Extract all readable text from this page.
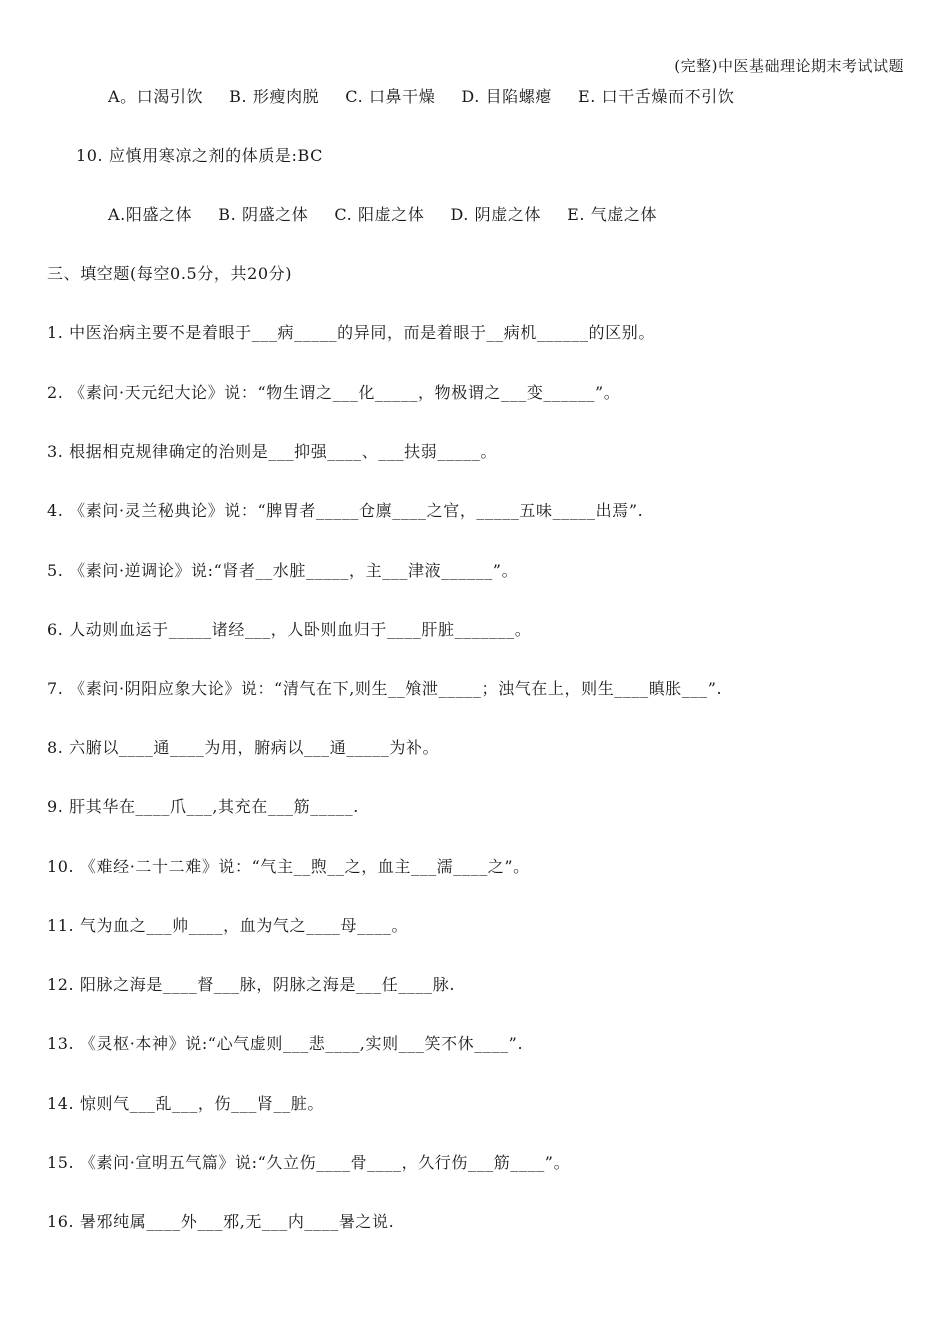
(完整)中医基础理论期末考试试题
A。口渴引饮 B. 形瘦肉脱 C. 口鼻干燥 D. 目陷螺瘪 E. 口干舌燥而不引饮
10. 应慎用寒凉之剂的体质是:BC
A.阳盛之体 B. 阴盛之体 C. 阳虚之体 D. 阴虚之体 E. 气虚之体
三、填空题(每空0.5分，共20分)
1. 中医治病主要不是着眼于___病_____的异同，而是着眼于__病机______的区别。
2. 《素问·天元纪大论》说：“物生谓之___化_____，物极谓之___变______”。
3. 根据相克规律确定的治则是___抑强____、___扶弱_____。
4. 《素问·灵兰秘典论》说：“脾胃者_____仓廪____之官，_____五味_____出焉”.
5. 《素问·逆调论》说:“肾者__水脏_____，主___津液______”。
6. 人动则血运于_____诸经___，人卧则血归于____肝脏_______。
7. 《素问·阴阳应象大论》说：“清气在下,则生__飧泄_____；浊气在上，则生____瞋胀___”.
8. 六腑以____通____为用，腑病以___通_____为补。
9. 肝其华在____爪___,其充在___筋_____.
10. 《难经·二十二难》说：“气主__煦__之，血主___濡____之”。
11. 气为血之___帅____，血为气之____母____。
12. 阳脉之海是____督___脉，阴脉之海是___任____脉.
13. 《灵枢·本神》说:“心气虚则___悲____,实则___笑不休____”.
14. 惊则气___乱___，伤___肾__脏。
15. 《素问·宣明五气篇》说:“久立伤____骨____，久行伤___筋____”。
16. 暑邪纯属____外___邪,无___内____暑之说.
